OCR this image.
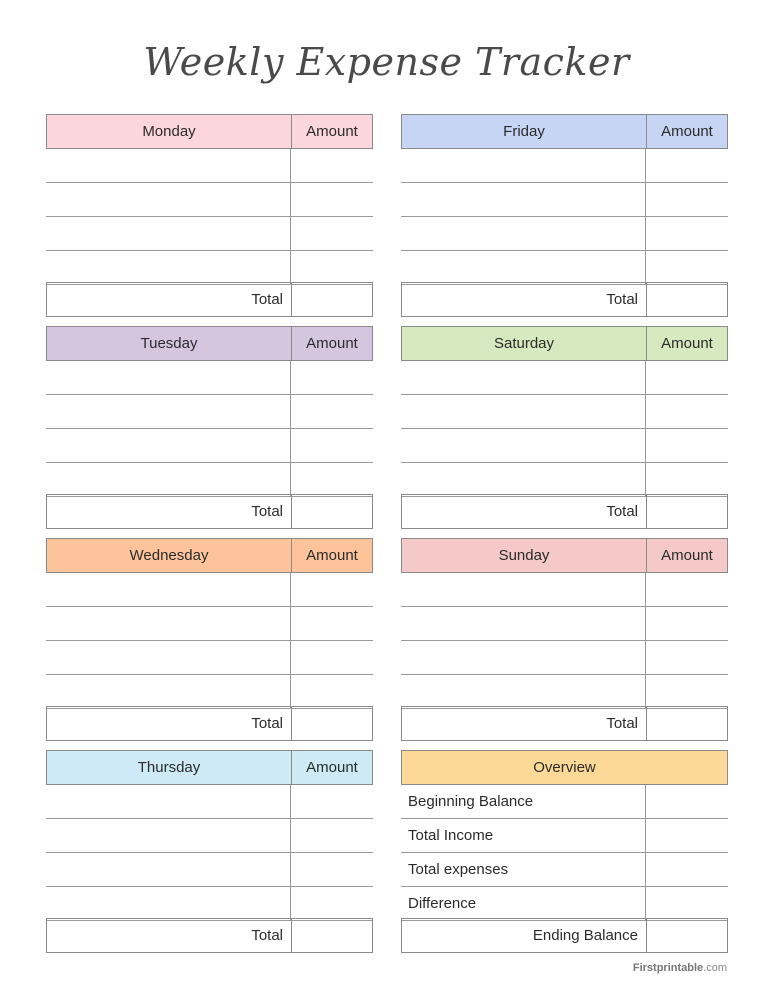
Weekly Expense Tracker
Monday	Amount
Total
Tuesday	Amount
Total
Wednesday	Amount
Total
Thursday	Amount
Total
Friday	Amount
Total
Saturday	Amount
Total
Sunday	Amount
Total
Overview
Beginning Balance
Total Income
Total expenses
Difference
Ending Balance
Firstprintable.com
